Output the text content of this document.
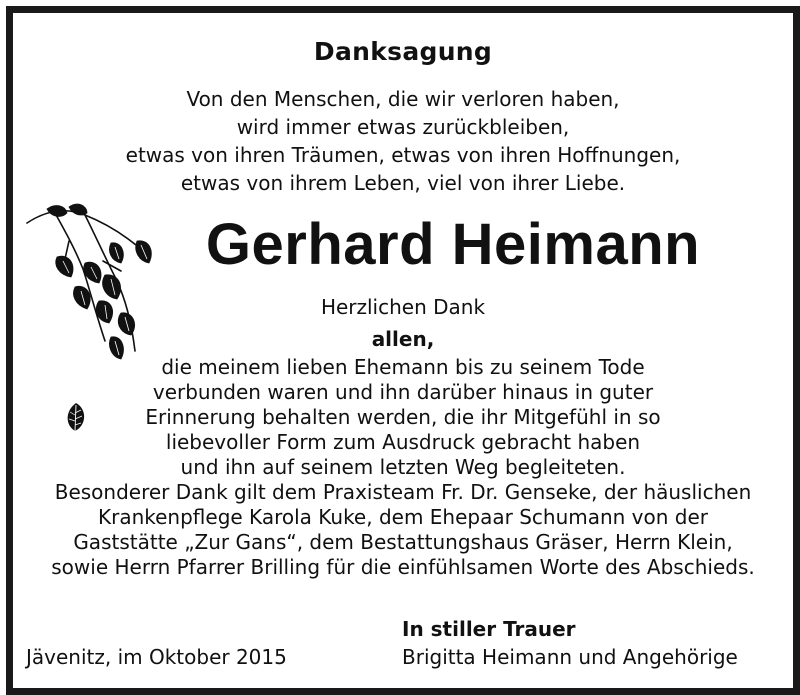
Danksagung
Von den Menschen, die wir verloren haben,
wird immer etwas zurückbleiben,
etwas von ihren Träumen, etwas von ihren Hoffnungen,
etwas von ihrem Leben, viel von ihrer Liebe.
Gerhard Heimann
Herzlichen Dank
allen,
die meinem lieben Ehemann bis zu seinem Tode
verbunden waren und ihn darüber hinaus in guter
Erinnerung behalten werden, die ihr Mitgefühl in so
liebevoller Form zum Ausdruck gebracht haben
und ihn auf seinem letzten Weg begleiteten.
Besonderer Dank gilt dem Praxisteam Fr. Dr. Genseke, der häuslichen
Krankenpflege Karola Kuke, dem Ehepaar Schumann von der
Gaststätte „Zur Gans“, dem Bestattungshaus Gräser, Herrn Klein,
sowie Herrn Pfarrer Brilling für die einfühlsamen Worte des Abschieds.
In stiller Trauer
Jävenitz, im Oktober 2015	Brigitta Heimann und Angehörige
